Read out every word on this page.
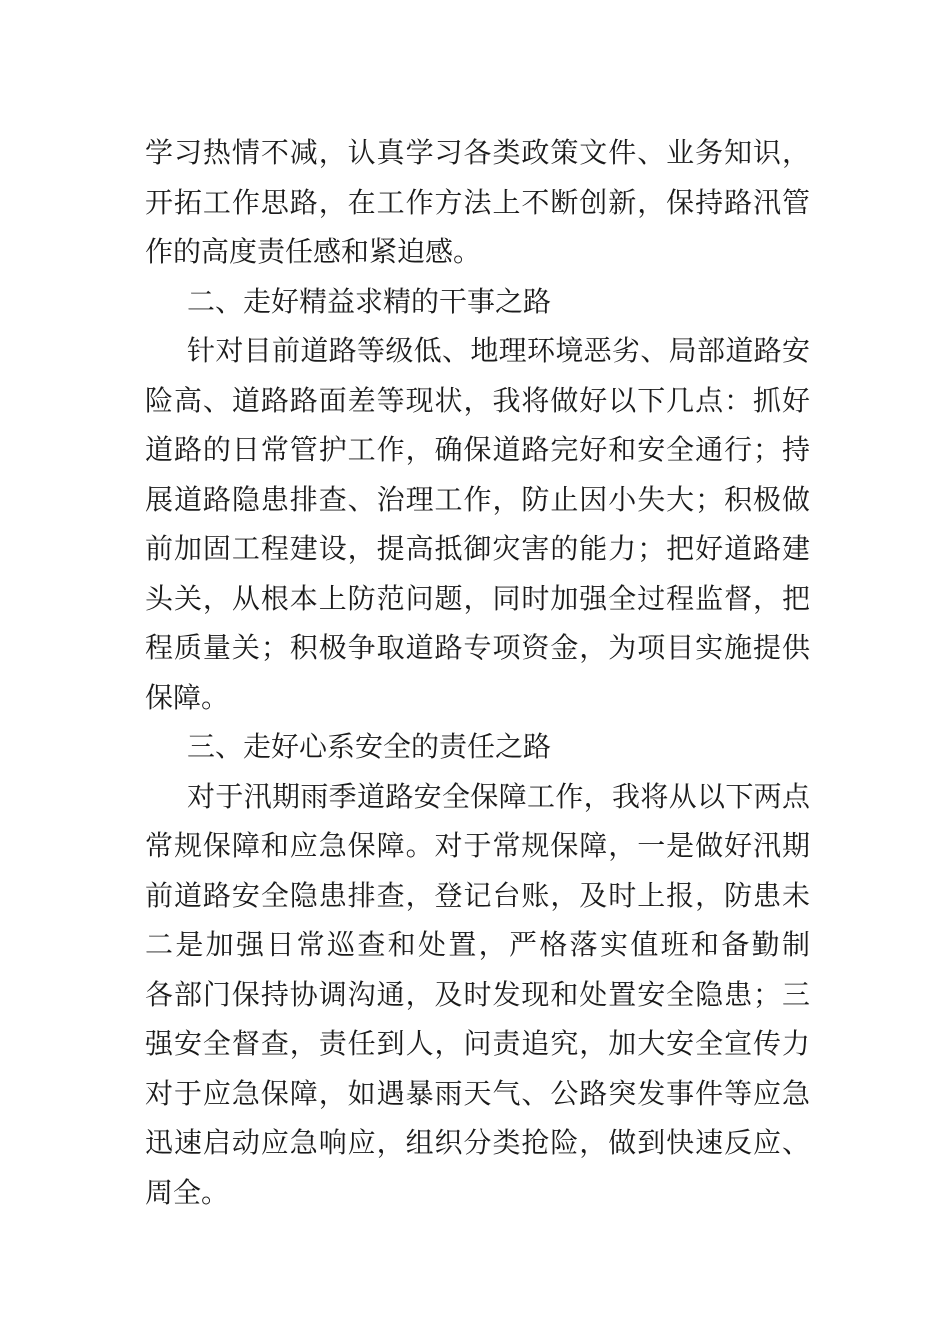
学习热情不减，认真学习各类政策文件、业务知识，
开拓工作思路，在工作方法上不断创新，保持路汛管
作的高度责任感和紧迫感。
二、走好精益求精的干事之路
针对目前道路等级低、地理环境恶劣、局部道路安
险高、道路路面差等现状，我将做好以下几点：抓好
道路的日常管护工作，确保道路完好和安全通行；持
展道路隐患排查、治理工作，防止因小失大；积极做
前加固工程建设，提高抵御灾害的能力；把好道路建
头关，从根本上防范问题，同时加强全过程监督，把
程质量关；积极争取道路专项资金，为项目实施提供
保障。
三、走好心系安全的责任之路
对于汛期雨季道路安全保障工作，我将从以下两点
常规保障和应急保障。对于常规保障，一是做好汛期
前道路安全隐患排查，登记台账，及时上报，防患未
二是加强日常巡查和处置，严格落实值班和备勤制
各部门保持协调沟通，及时发现和处置安全隐患；三
强安全督查，责任到人，问责追究，加大安全宣传力
对于应急保障，如遇暴雨天气、公路突发事件等应急
迅速启动应急响应，组织分类抢险，做到快速反应、
周全。
